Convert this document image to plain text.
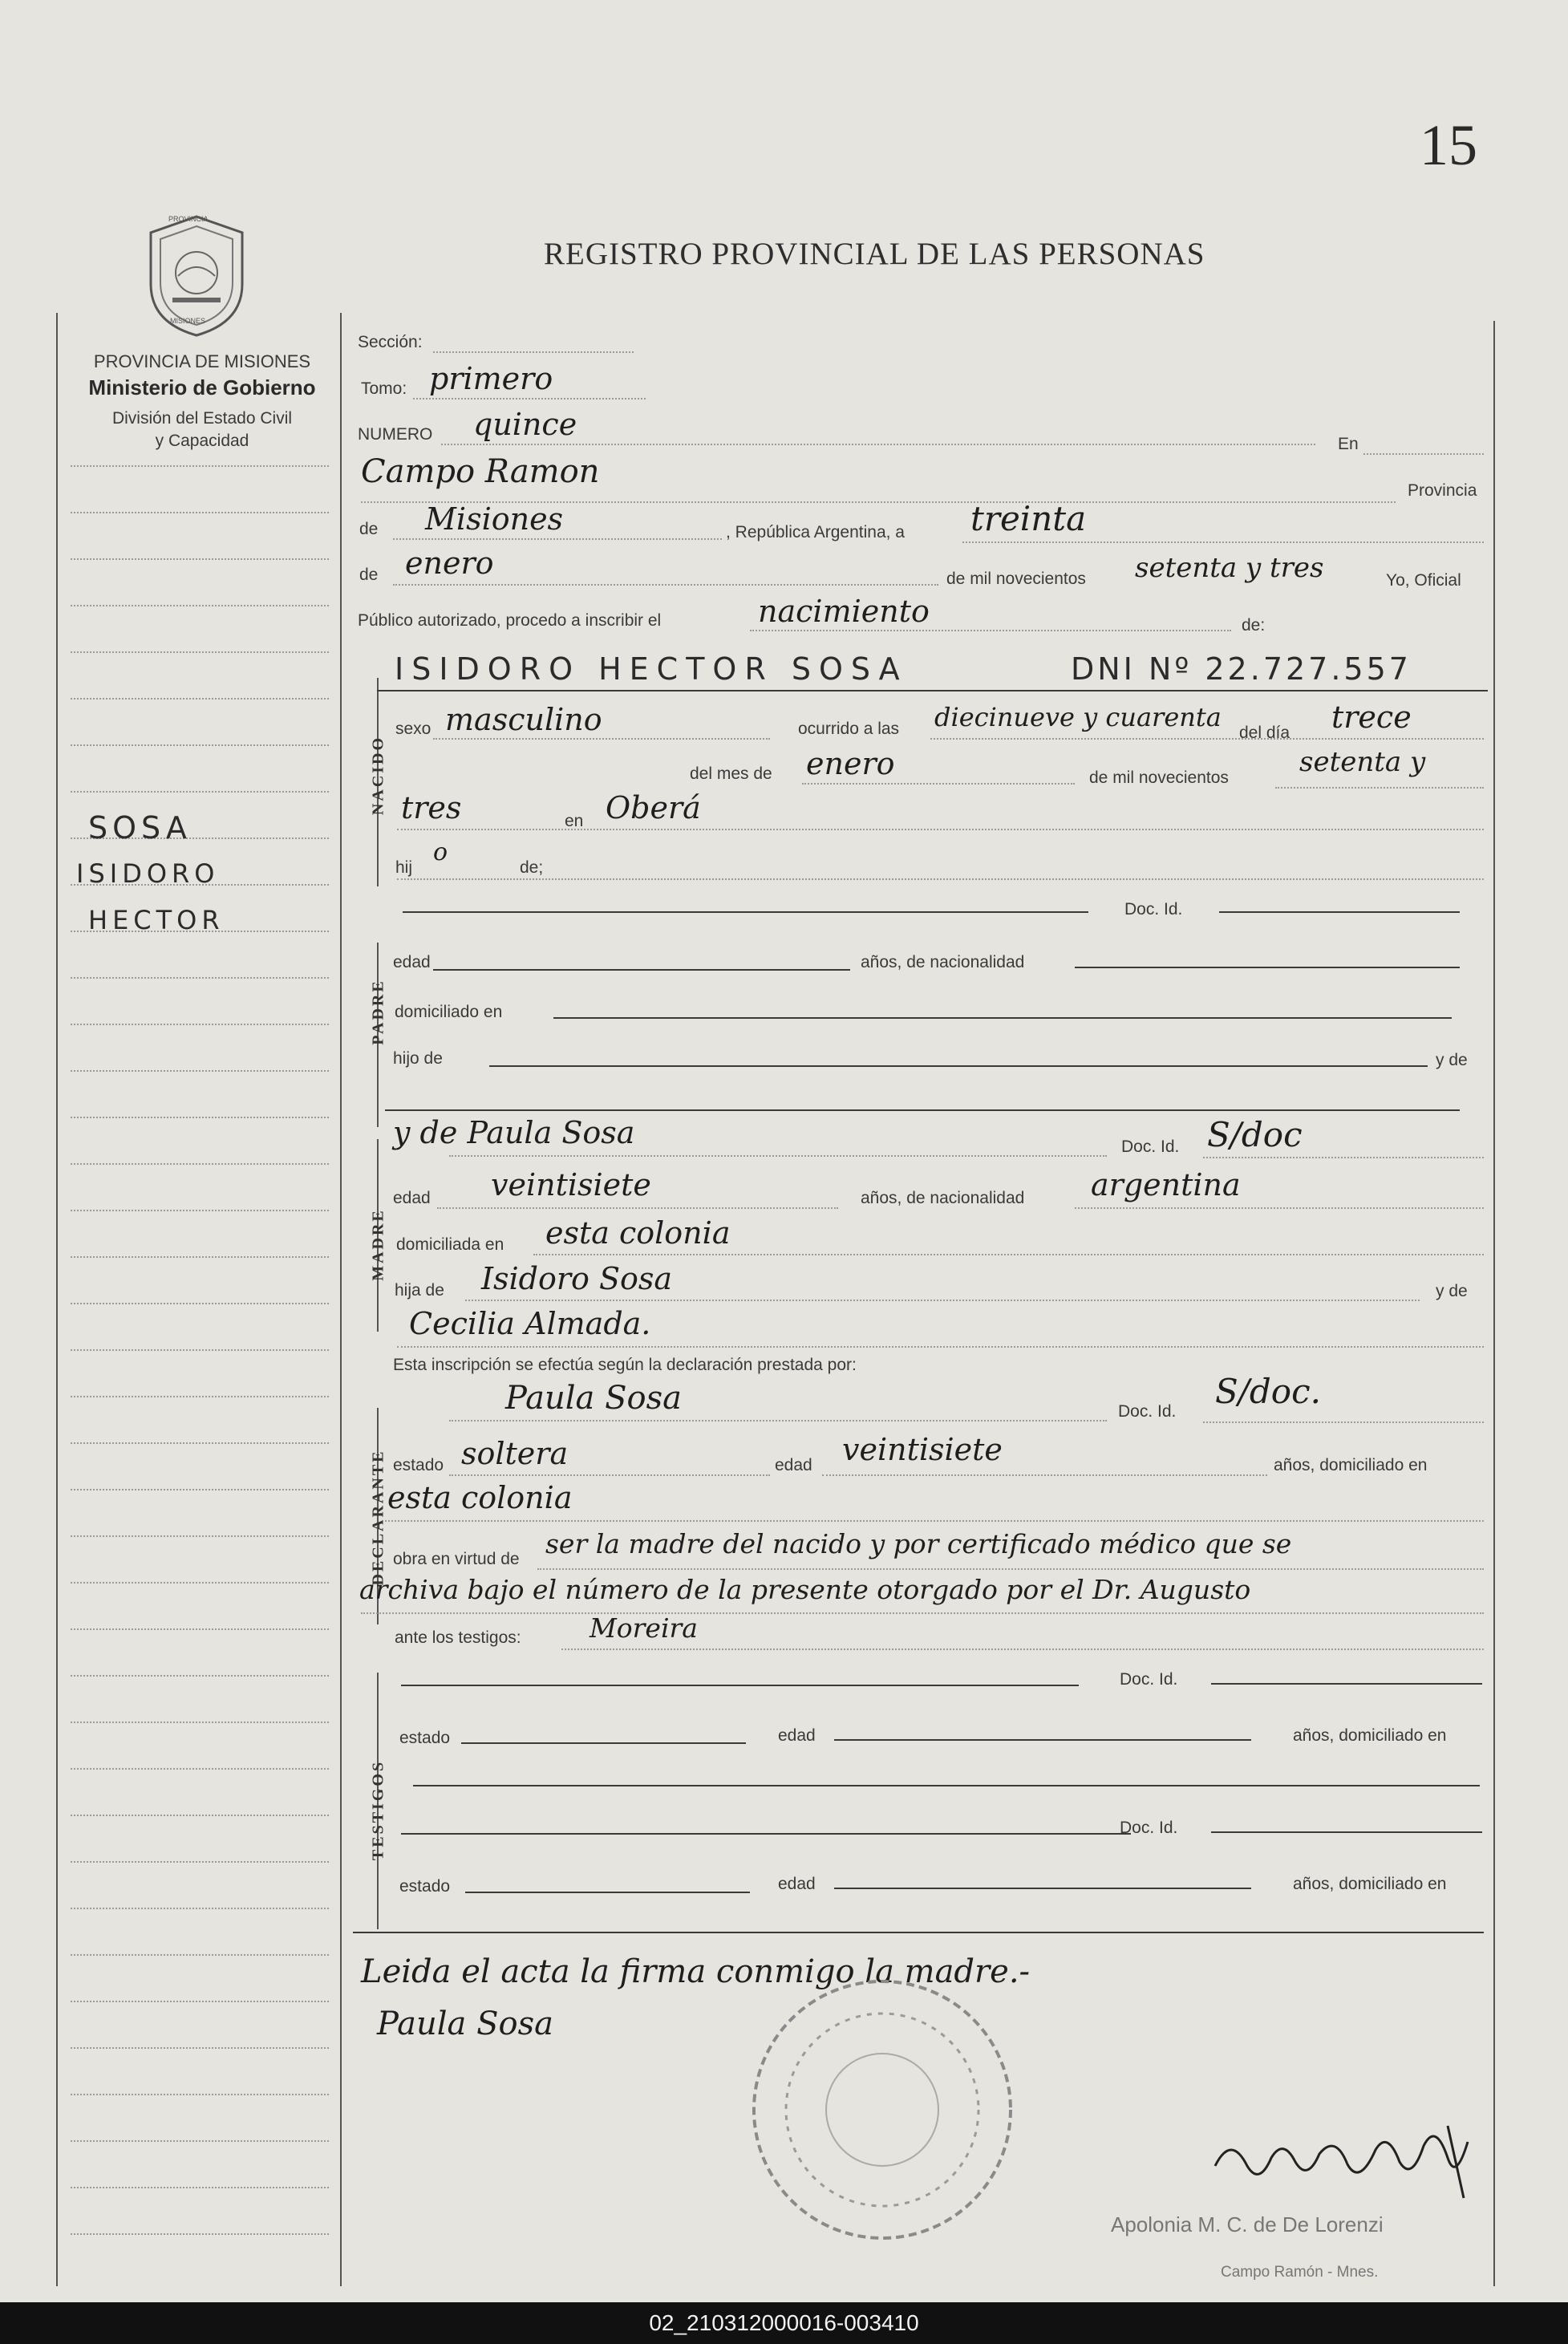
15
PROVINCIA
MISIONES
REGISTRO PROVINCIAL DE LAS PERSONAS
PROVINCIA DE MISIONES
Ministerio de Gobierno
División del Estado Civil
y Capacidad
SOSA
ISIDORO
HECTOR
Sección:
Tomo: primero
NUMERO quince
En
Campo Ramon
Provincia
de Misiones	, República Argentina, a treinta
de enero	de mil novecientos setenta y tres	Yo, Oficial
Público autorizado, procedo a inscribir el	nacimiento	de:
NACIDO
ISIDORO HECTOR SOSA	DNI Nº 22.727.557
sexo masculino	ocurrido a las diecinueve y cuarenta
del día trece
del mes de enero	de mil novecientos	setenta y
tres	en Oberá
hij
o
de;
Doc. Id.
PADRE
edad	años, de nacionalidad
domiciliado en
hijo de	y de
MADRE
y de Paula Sosa	Doc. Id. S/doc
edad veintisiete	años, de nacionalidad argentina
domiciliada en esta colonia
hija de Isidoro Sosa	y de
Cecilia Almada.
Esta inscripción se efectúa según la declaración prestada por:
DECLARANTE
Paula Sosa	Doc. Id.
S/doc.
estado soltera	edad veintisiete	años, domiciliado en
esta colonia
obra en virtud de ser la madre del nacido y por certificado médico que se
archiva bajo el número de la presente otorgado por el Dr. Augusto
ante los testigos:	Moreira
TESTIGOS
Doc. Id.
estado	edad	años, domiciliado en
Doc. Id.
estado	edad	años, domiciliado en
Leida el acta la firma conmigo la madre.-
Paula Sosa
Apolonia M. C. de De Lorenzi
Campo Ramón - Mnes.
02_210312000016-003410
